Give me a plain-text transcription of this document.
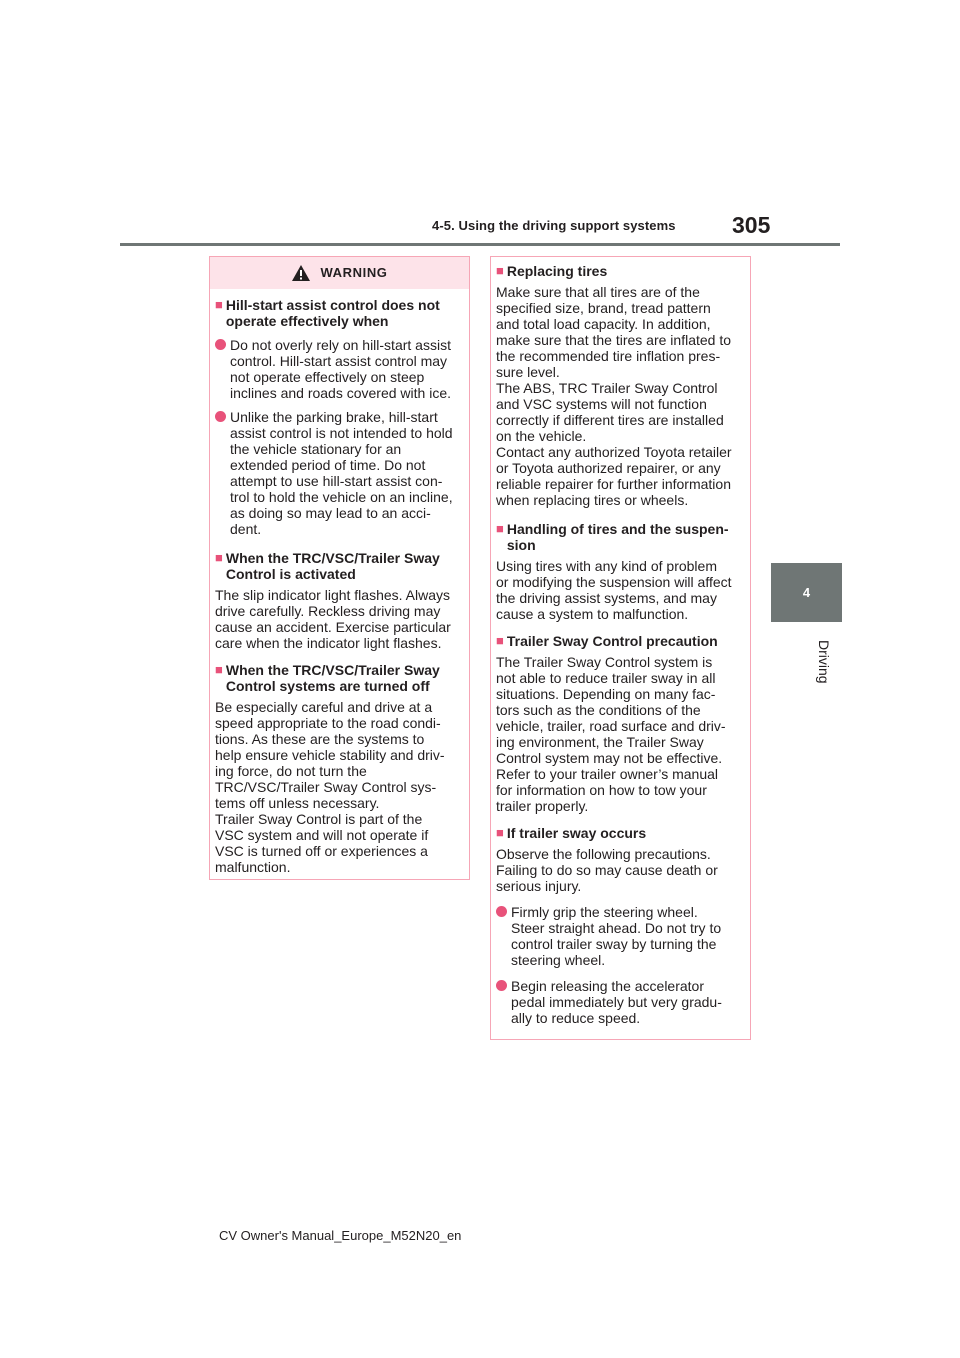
4-5. Using the driving support systems 305
4
Driving
WARNING
■ Hill-start assist control does not
operate effectively when
Do not overly rely on hill-start assist
control. Hill-start assist control may
not operate effectively on steep
inclines and roads covered with ice.
Unlike the parking brake, hill-start
assist control is not intended to hold
the vehicle stationary for an
extended period of time. Do not
attempt to use hill-start assist con-
trol to hold the vehicle on an incline,
as doing so may lead to an acci-
dent.
■ When the TRC/VSC/Trailer Sway
Control is activated
The slip indicator light flashes. Always
drive carefully. Reckless driving may
cause an accident. Exercise particular
care when the indicator light flashes.
■ When the TRC/VSC/Trailer Sway
Control systems are turned off
Be especially careful and drive at a
speed appropriate to the road condi-
tions. As these are the systems to
help ensure vehicle stability and driv-
ing force, do not turn the
TRC/VSC/Trailer Sway Control sys-
tems off unless necessary.
Trailer Sway Control is part of the
VSC system and will not operate if
VSC is turned off or experiences a
malfunction.
■ Replacing tires
Make sure that all tires are of the
specified size, brand, tread pattern
and total load capacity. In addition,
make sure that the tires are inflated to
the recommended tire inflation pres-
sure level.
The ABS, TRC Trailer Sway Control
and VSC systems will not function
correctly if different tires are installed
on the vehicle.
Contact any authorized Toyota retailer
or Toyota authorized repairer, or any
reliable repairer for further information
when replacing tires or wheels.
■ Handling of tires and the suspen-
sion
Using tires with any kind of problem
or modifying the suspension will affect
the driving assist systems, and may
cause a system to malfunction.
■ Trailer Sway Control precaution
The Trailer Sway Control system is
not able to reduce trailer sway in all
situations. Depending on many fac-
tors such as the conditions of the
vehicle, trailer, road surface and driv-
ing environment, the Trailer Sway
Control system may not be effective.
Refer to your trailer owner’s manual
for information on how to tow your
trailer properly.
■ If trailer sway occurs
Observe the following precautions.
Failing to do so may cause death or
serious injury.
Firmly grip the steering wheel.
Steer straight ahead. Do not try to
control trailer sway by turning the
steering wheel.
Begin releasing the accelerator
pedal immediately but very gradu-
ally to reduce speed.
CV Owner's Manual_Europe_M52N20_en
